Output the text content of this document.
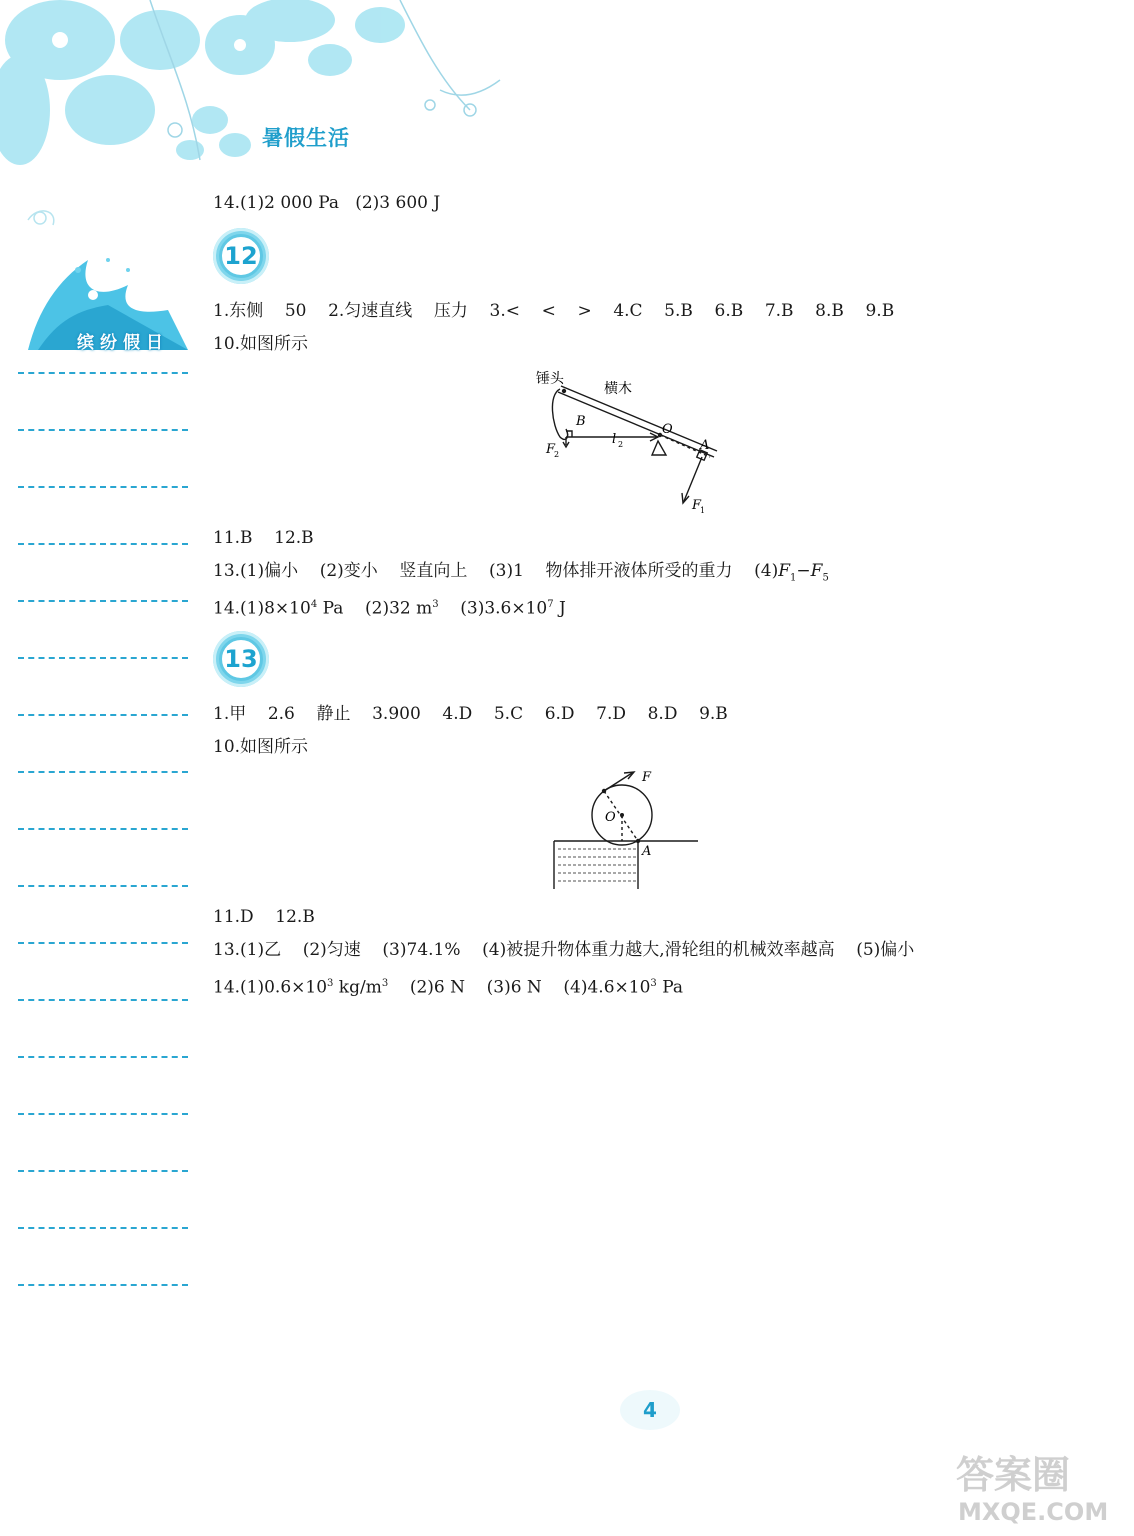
暑假生活
缤纷假日
14.(1)2 000 Pa   (2)3 600 J
12
1.东侧    50    2.匀速直线    压力    3.<    <    >    4.C    5.B    6.B    7.B    8.B    9.B
10.如图所示
锤头
横木
B
O
A
l 2
F
2
F
1
11.B    12.B
13.(1)偏小    (2)变小    竖直向上    (3)1    物体排开液体所受的重力    $(4)F_1-F_5$
$14.(1)8\times 10^4$ Pa    (2)32 $m^3$    $(3)3.6\times 10^7$ J
13
1.甲    2.6    静止    3.900    4.D    5.C    6.D    7.D    8.D    9.B
10.如图所示
F
O
A
11.D    12.B
13.(1)乙    (2)匀速    (3)74.1%    (4)被提升物体重力越大,滑轮组的机械效率越高    (5)偏小
$14.(1)0.6\times 10^3$ $kg/m^3$    (2)6 N    (3)6 N    $(4)4.6\times 10^3$ Pa
4
答案圈
MXQE.COM
